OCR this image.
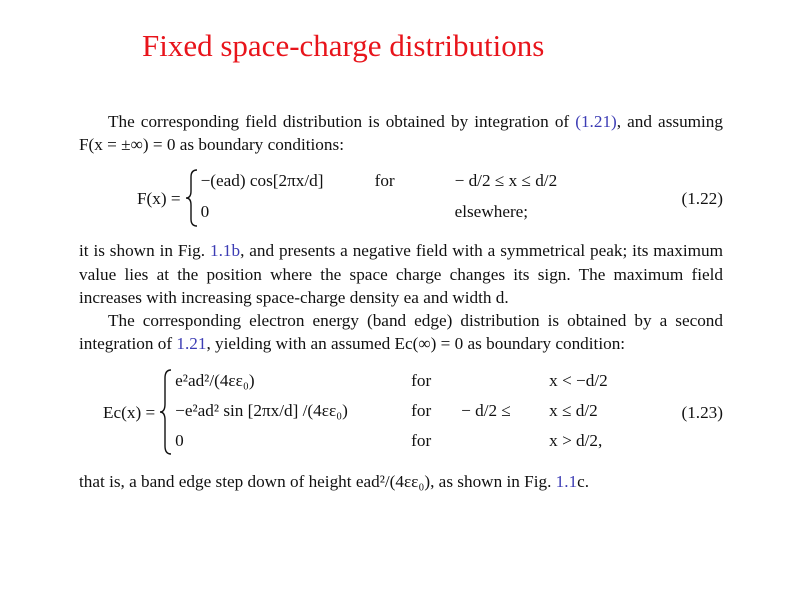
Fixed space-charge distributions

The corresponding field distribution is obtained by integration of (1.21), and assuming F(x = ±∞) = 0 as boundary conditions:

F(x) =
−(ead) cos[2πx/d]	for	− d/2 ≤ x ≤ d/2
0	elsewhere;
(1.22)

it is shown in Fig. 1.1b, and presents a negative field with a symmetrical peak; its maximum value lies at the position where the space charge changes its sign. The maximum field increases with increasing space-charge density ea and width d.

The corresponding electron energy (band edge) distribution is obtained by a second integration of 1.21, yielding with an assumed Ec(∞) = 0 as boundary condition:

Ec(x) =
e²ad²/(4εε₀)	for	x < −d/2
−e²ad² sin [2πx/d] /(4εε₀)	for	− d/2 ≤	x ≤ d/2
0	for	x > d/2,
(1.23)

that is, a band edge step down of height ead²/(4εε₀), as shown in Fig. 1.1c.
